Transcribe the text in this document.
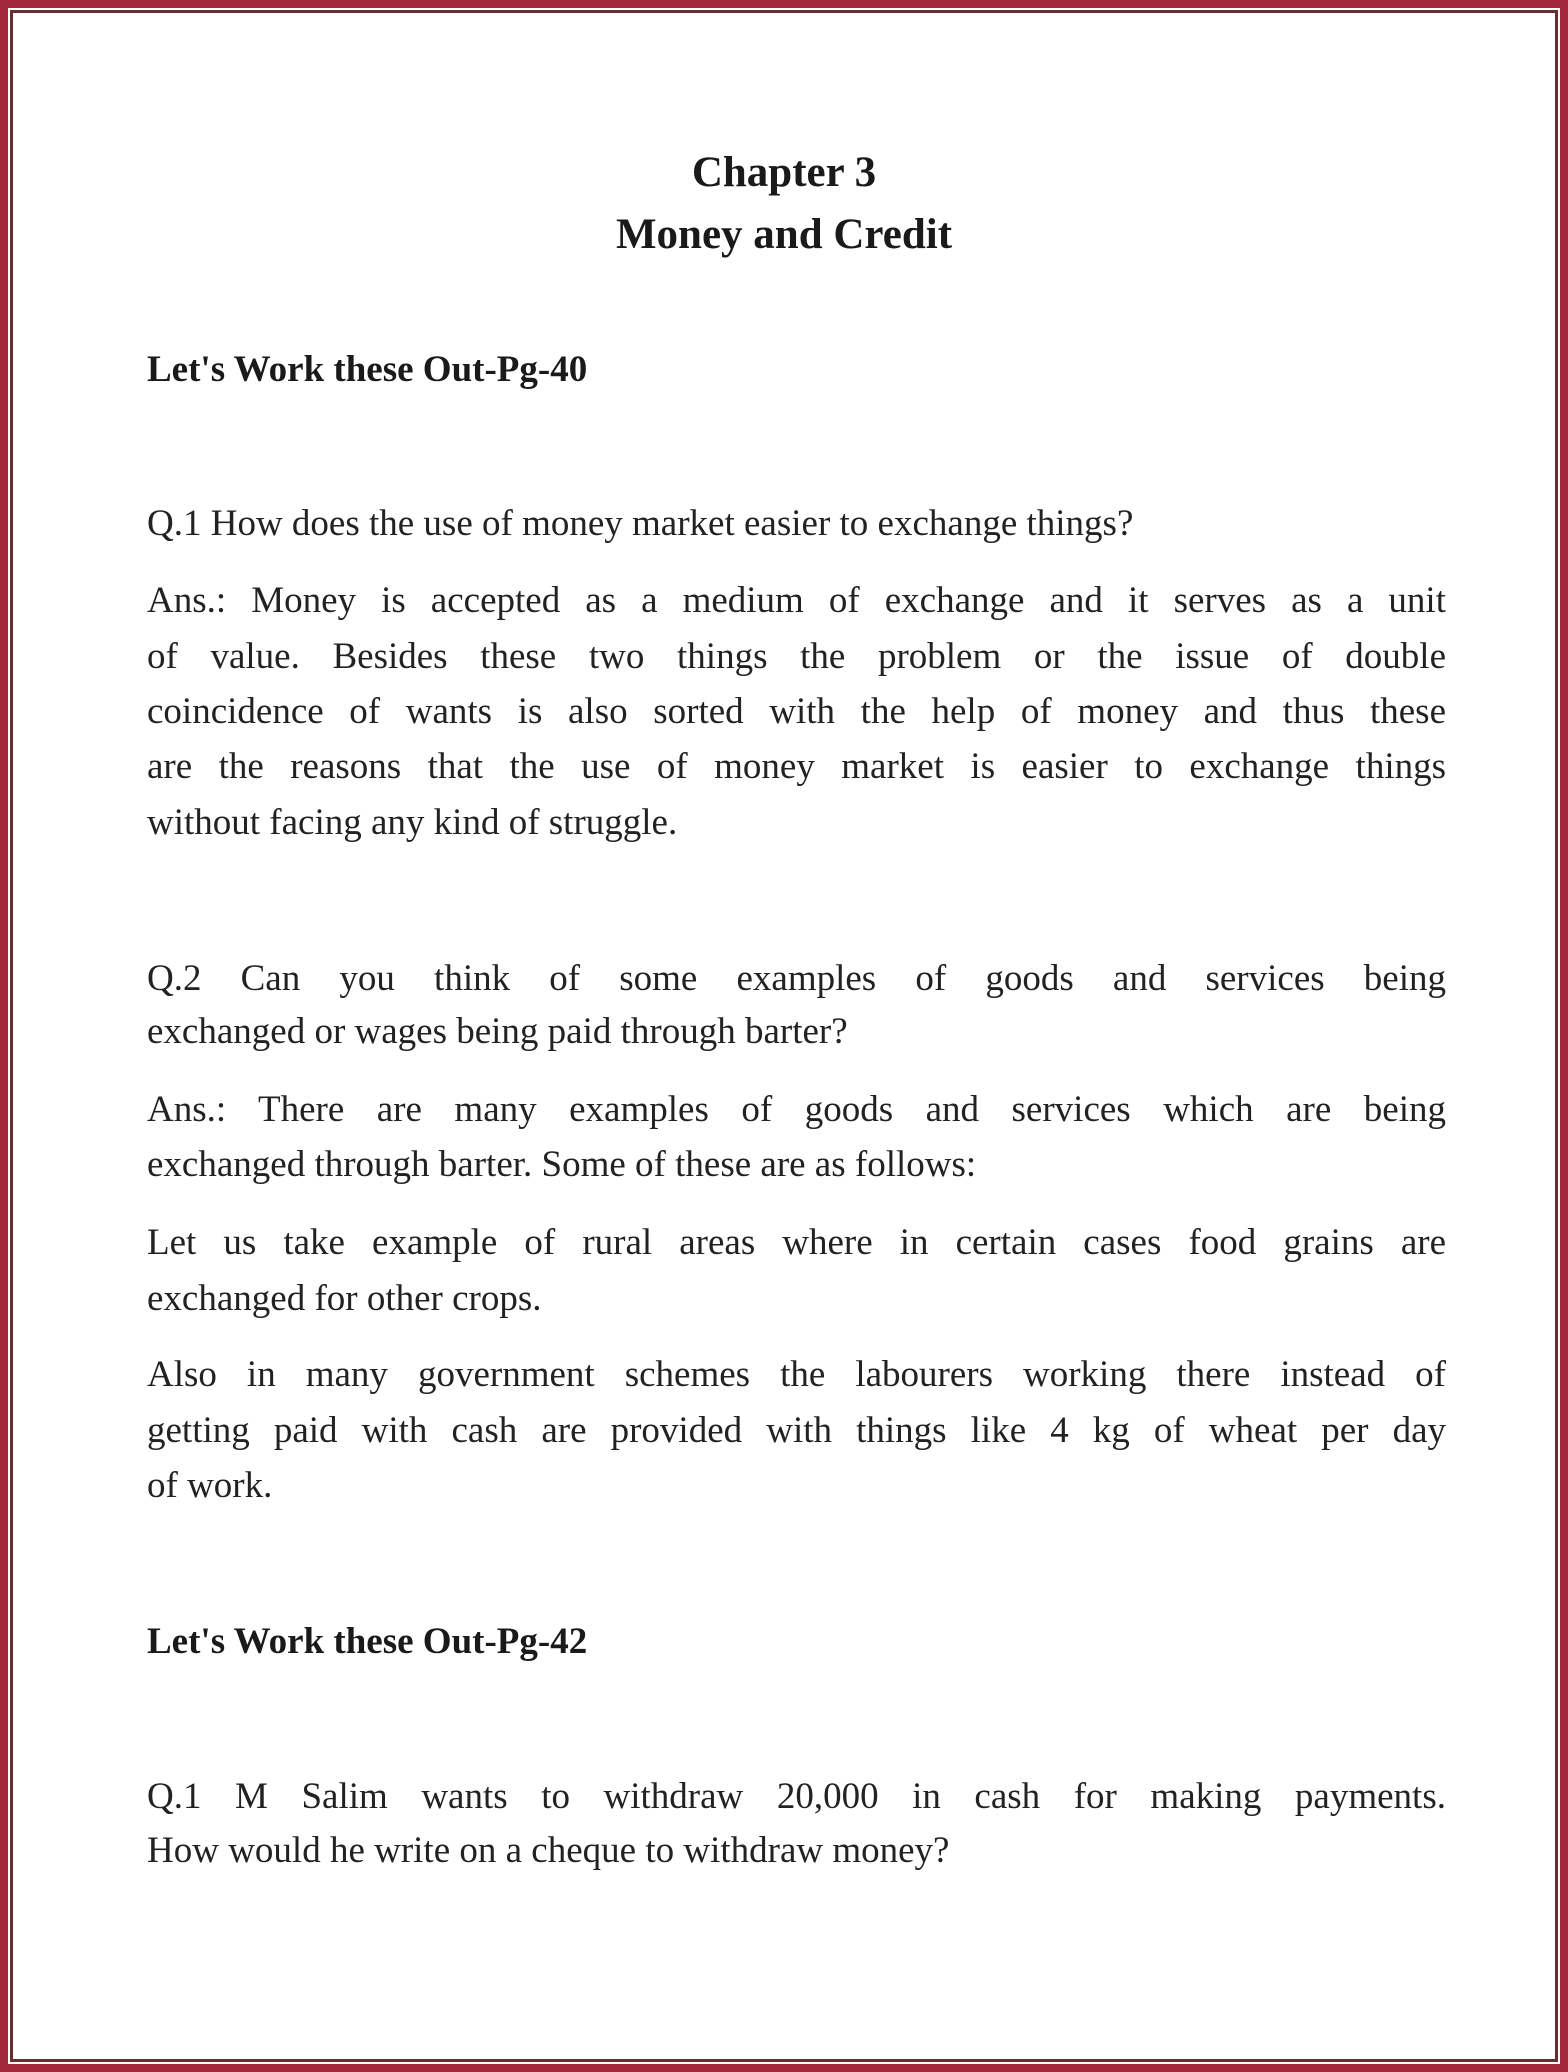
Chapter 3
Money and Credit
Let's Work these Out-Pg-40
Q.1 How does the use of money market easier to exchange things?
Ans.: Money is accepted as a medium of exchange and it serves as a unit
of value. Besides these two things the problem or the issue of double
coincidence of wants is also sorted with the help of money and thus these
are the reasons that the use of money market is easier to exchange things
without facing any kind of struggle.
Q.2 Can you think of some examples of goods and services being
exchanged or wages being paid through barter?
Ans.: There are many examples of goods and services which are being
exchanged through barter. Some of these are as follows:
Let us take example of rural areas where in certain cases food grains are
exchanged for other crops.
Also in many government schemes the labourers working there instead of
getting paid with cash are provided with things like 4 kg of wheat per day
of work.
Let's Work these Out-Pg-42
Q.1 M Salim wants to withdraw 20,000 in cash for making payments.
How would he write on a cheque to withdraw money?
